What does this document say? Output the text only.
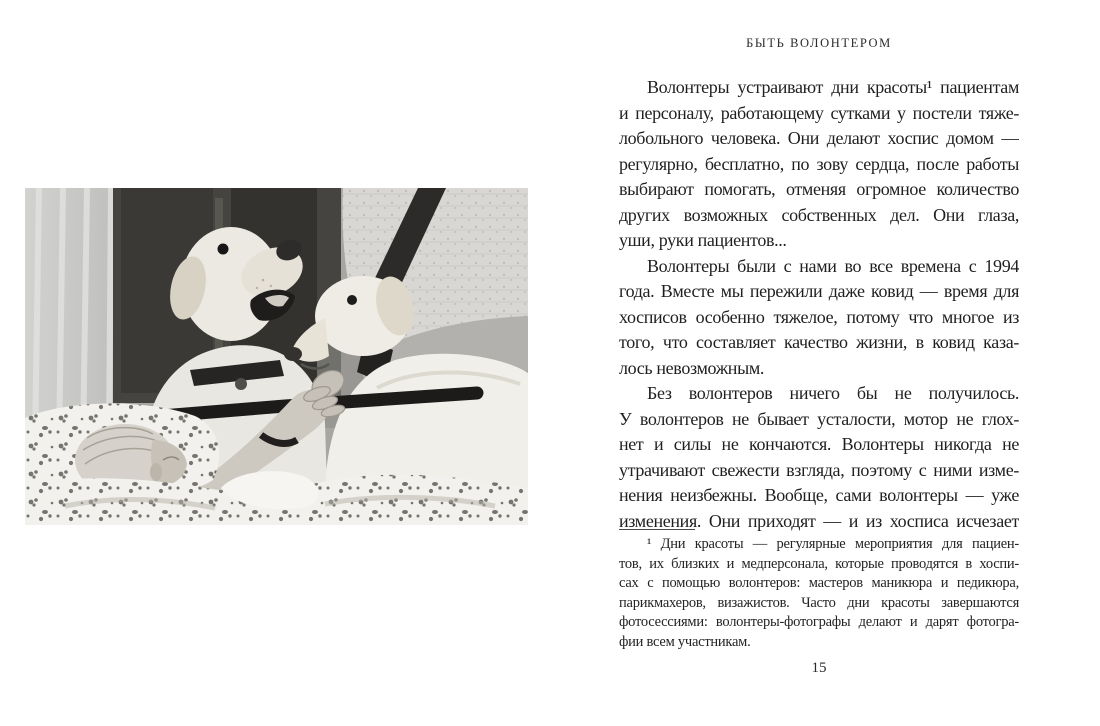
БЫТЬ ВОЛОНТЕРОМ
Волонтеры устраивают дни красоты¹ пациентам
и персоналу, работающему сутками у постели тяже-
лобольного человека. Они делают хоспис домом —
регулярно, бесплатно, по зову сердца, после работы
выбирают помогать, отменяя огромное количество
других возможных собственных дел. Они глаза,
уши, руки пациентов...
Волонтеры были с нами во все времена с 1994
года. Вместе мы пережили даже ковид — время для
хосписов особенно тяжелое, потому что многое из
того, что составляет качество жизни, в ковид каза-
лось невозможным.
Без волонтеров ничего бы не получилось.
У волонтеров не бывает усталости, мотор не глох-
нет и силы не кончаются. Волонтеры никогда не
утрачивают свежести взгляда, поэтому с ними изме-
нения неизбежны. Вообще, сами волонтеры — уже
изменения. Они приходят — и из хосписа исчезает
¹ Дни красоты — регулярные мероприятия для пациен-
тов, их близких и медперсонала, которые проводятся в хоспи-
сах с помощью волонтеров: мастеров маникюра и педикюра,
парикмахеров, визажистов. Часто дни красоты завершаются
фотосессиями: волонтеры-фотографы делают и дарят фотогра-
фии всем участникам.
15
